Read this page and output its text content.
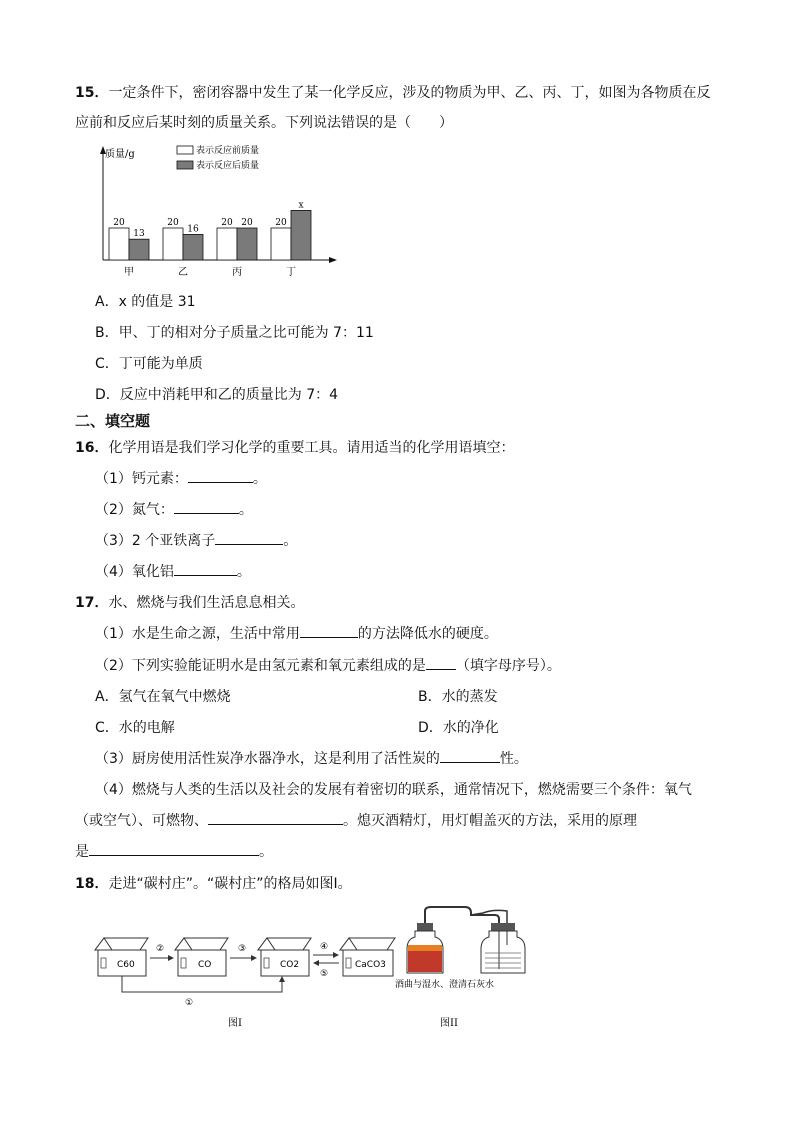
15．一定条件下，密闭容器中发生了某一化学反应，涉及的物质为甲、乙、丙、丁，如图为各物质在反
应前和反应后某时刻的质量关系。下列说法错误的是（　　）
质量/g	表示反应前质量
表示反应后质量
20
13
甲
20
16
乙
20 20
丙
20
x
丁
A．x 的值是 31
B．甲、丁的相对分子质量之比可能为 7：11
C．丁可能为单质
D．反应中消耗甲和乙的质量比为 7：4
二、填空题
16．化学用语是我们学习化学的重要工具。请用适当的化学用语填空：
（1）钙元素：	。
（2）氮气：	。
（3）2 个亚铁离子	。
（4）氧化铝	。
17．水、燃烧与我们生活息息相关。
（1）水是生命之源，生活中常用	的方法降低水的硬度。
（2）下列实验能证明水是由氢元素和氧元素组成的是 （填字母序号）。
A．氢气在氧气中燃烧	B．水的蒸发
C．水的电解	D．水的净化
（3）厨房使用活性炭净水器净水，这是利用了活性炭的	性。
（4）燃烧与人类的生活以及社会的发展有着密切的联系，通常情况下，燃烧需要三个条件：氧气
（或空气）、可燃物、	。熄灭酒精灯，用灯帽盖灭的方法，采用的原理
是	。
18．走进“碳村庄”。“碳村庄”的格局如图Ⅰ。
C60	CO	CO2	CaCO3
②	③	④
⑤
①
图I
酒曲与湿水、澄清石灰水
图II
